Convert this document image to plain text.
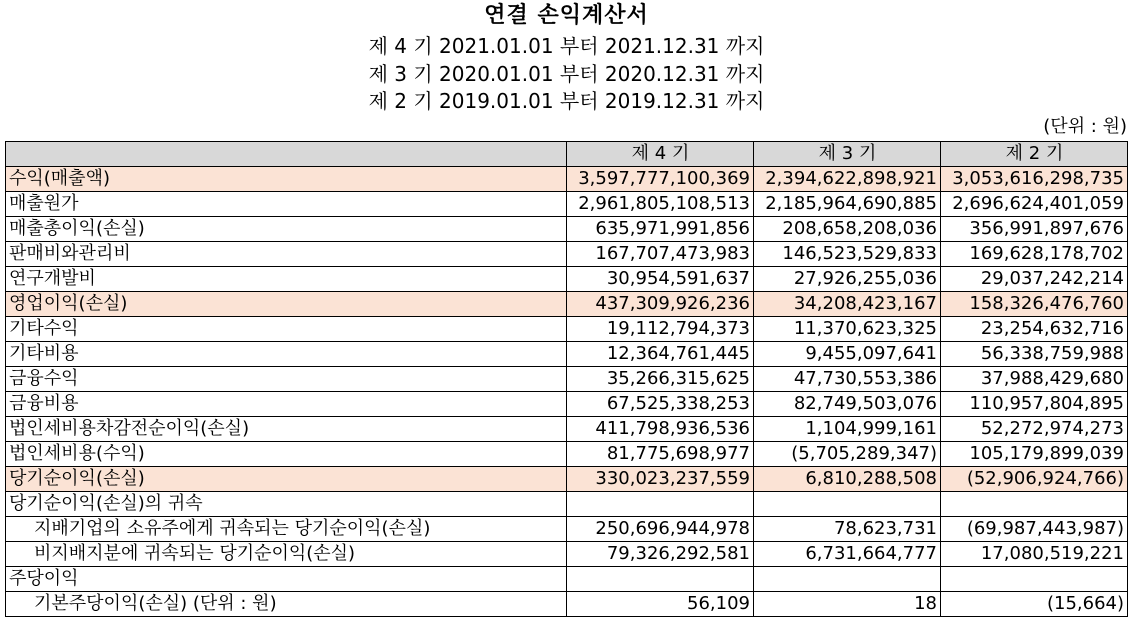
연결 손익계산서
제 4 기 2021.01.01 부터 2021.12.31 까지
제 3 기 2020.01.01 부터 2020.12.31 까지
제 2 기 2019.01.01 부터 2019.12.31 까지
(단위 : 원)
	제 4 기	제 3 기	제 2 기
수익(매출액)	3,597,777,100,369	2,394,622,898,921	3,053,616,298,735
매출원가	2,961,805,108,513	2,185,964,690,885	2,696,624,401,059
매출총이익(손실)	635,971,991,856	208,658,208,036	356,991,897,676
판매비와관리비	167,707,473,983	146,523,529,833	169,628,178,702
연구개발비	30,954,591,637	27,926,255,036	29,037,242,214
영업이익(손실)	437,309,926,236	34,208,423,167	158,326,476,760
기타수익	19,112,794,373	11,370,623,325	23,254,632,716
기타비용	12,364,761,445	9,455,097,641	56,338,759,988
금융수익	35,266,315,625	47,730,553,386	37,988,429,680
금융비용	67,525,338,253	82,749,503,076	110,957,804,895
법인세비용차감전순이익(손실)	411,798,936,536	1,104,999,161	52,272,974,273
법인세비용(수익)	81,775,698,977	(5,705,289,347)	105,179,899,039
당기순이익(손실)	330,023,237,559	6,810,288,508	(52,906,924,766)
당기순이익(손실)의 귀속			
지배기업의 소유주에게 귀속되는 당기순이익(손실)	250,696,944,978	78,623,731	(69,987,443,987)
비지배지분에 귀속되는 당기순이익(손실)	79,326,292,581	6,731,664,777	17,080,519,221
주당이익			
기본주당이익(손실) (단위 : 원)	56,109	18	(15,664)
